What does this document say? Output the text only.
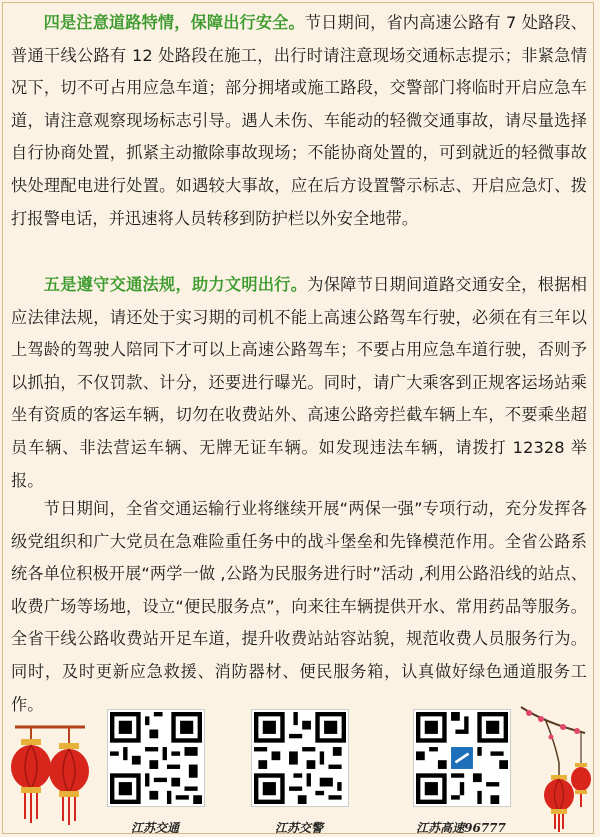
  四是注意道路特情，保障出行安全。节日期间，省内高速公路有 7 处路段、普通干线公路有 12 处路段在施工，出行时请注意现场交通标志提示；非紧急情况下，切不可占用应急车道；部分拥堵或施工路段，交警部门将临时开启应急车道，请注意观察现场标志引导。遇人未伤、车能动的轻微交通事故，请尽量选择自行协商处置，抓紧主动撤除事故现场；不能协商处置的，可到就近的轻微事故快处理配电进行处置。如遇较大事故，应在后方设置警示标志、开启应急灯、拨打报警电话，并迅速将人员转移到防护栏以外安全地带。

  五是遵守交通法规，助力文明出行。为保障节日期间道路交通安全，根据相应法律法规，请还处于实习期的司机不能上高速公路驾车行驶，必须在有三年以上驾龄的驾驶人陪同下才可以上高速公路驾车；不要占用应急车道行驶，否则予以抓拍，不仅罚款、计分，还要进行曝光。同时，请广大乘客到正规客运场站乘坐有资质的客运车辆，切勿在收费站外、高速公路旁拦截车辆上车，不要乘坐超员车辆、非法营运车辆、无牌无证车辆。如发现违法车辆，请拨打 12328 举报。

  节日期间，全省交通运输行业将继续开展“两保一强”专项行动，充分发挥各级党组织和广大党员在急难险重任务中的战斗堡垒和先锋模范作用。全省公路系统各单位积极开展“两学一做 ,公路为民服务进行时”活动 ,利用公路沿线的站点、收费广场等场地，设立“便民服务点”，向来往车辆提供开水、常用药品等服务。全省干线公路收费站开足车道，提升收费站站容站貌，规范收费人员服务行为。同时，及时更新应急救援、消防器材、便民服务箱，认真做好绿色通道服务工作。

江苏交通	江苏交警	江苏高速96777
